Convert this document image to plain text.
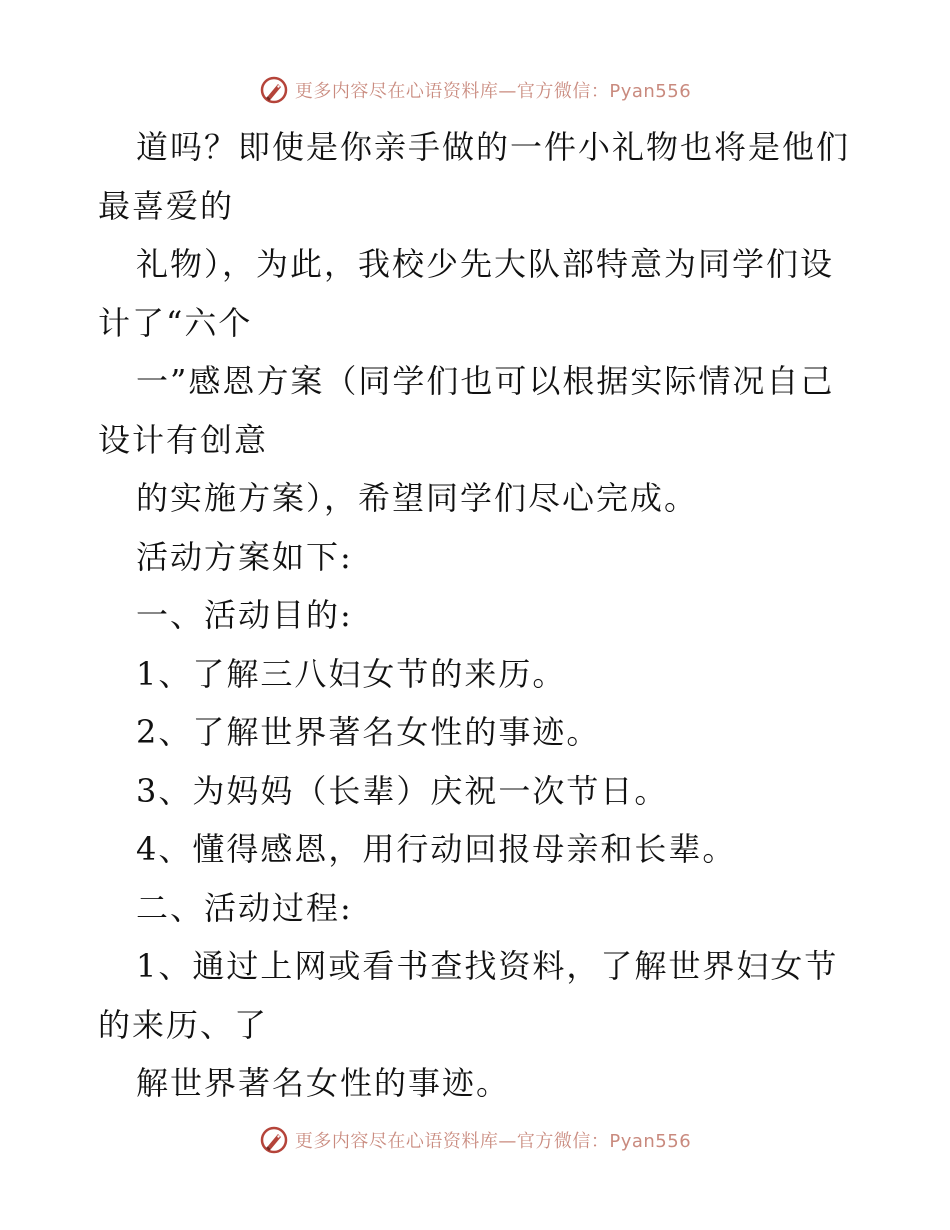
更多内容尽在心语资料库—官方微信：Pyan556
道吗？即使是你亲手做的一件小礼物也将是他们
最喜爱的
礼物），为此，我校少先大队部特意为同学们设
计了“六个
一”感恩方案（同学们也可以根据实际情况自己
设计有创意
的实施方案），希望同学们尽心完成。
活动方案如下:
一、活动目的:
1、了解三八妇女节的来历。
2、了解世界著名女性的事迹。
3、为妈妈（长辈）庆祝一次节日。
4、懂得感恩，用行动回报母亲和长辈。
二、活动过程:
1、通过上网或看书查找资料，了解世界妇女节
的来历、了
解世界著名女性的事迹。
更多内容尽在心语资料库—官方微信：Pyan556
